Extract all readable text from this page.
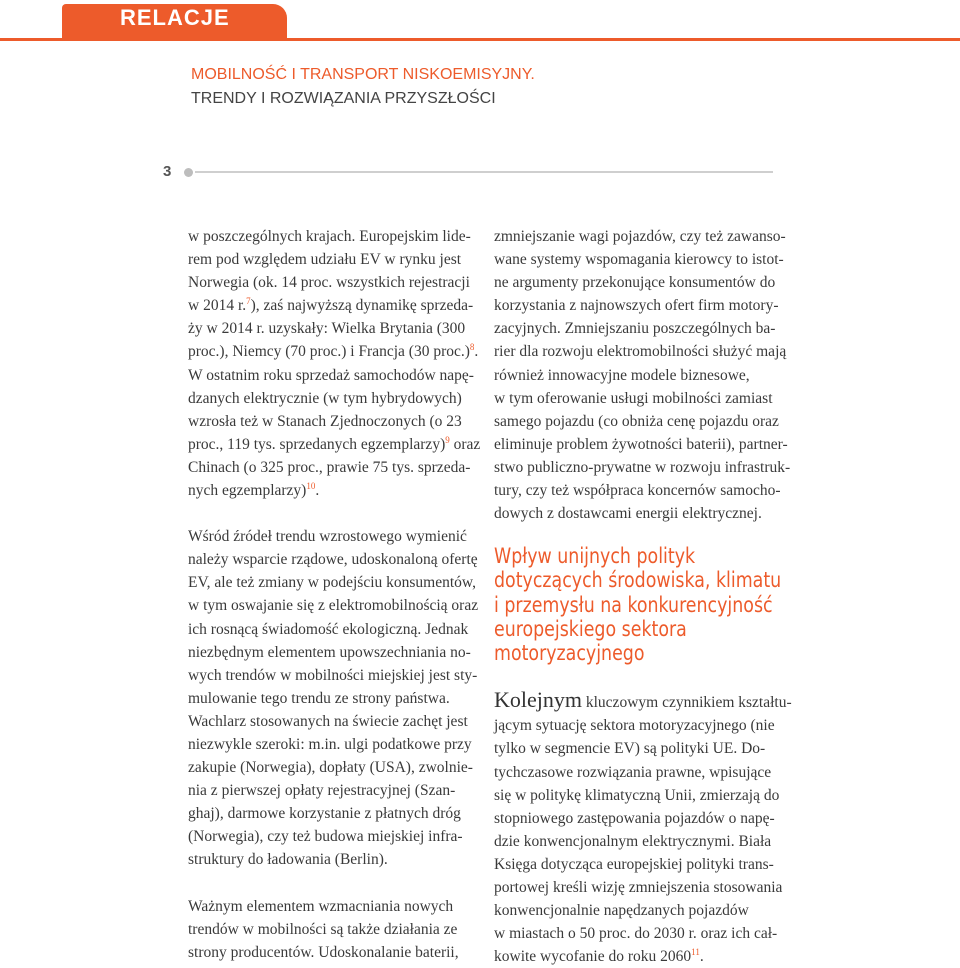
RELACJE
MOBILNOŚĆ I TRANSPORT NISKOEMISYJNY.
TRENDY I ROZWIĄZANIA PRZYSZŁOŚCI
3

w poszczególnych krajach. Europejskim lide-

rem pod względem udziału EV w rynku jest

Norwegia (ok. 14 proc. wszystkich rejestracji

w 2014 r.$^7$), zaś najwyższą dynamikę sprzeda-

ży w 2014 r. uzyskały: Wielka Brytania (300

proc.), Niemcy (70 proc.) i Francja (30 proc.)$^8$.

W ostatnim roku sprzedaż samochodów napę-

dzanych elektrycznie (w tym hybrydowych)

wzrosła też w Stanach Zjednoczonych (o 23

proc., 119 tys. sprzedanych egzemplarzy)$^9$ oraz

Chinach (o 325 proc., prawie 75 tys. sprzeda-

nych egzemplarzy)$^{10}$.

Wśród źródeł trendu wzrostowego wymienić

należy wsparcie rządowe, udoskonaloną ofertę

EV, ale też zmiany w podejściu konsumentów,

w tym oswajanie się z elektromobilnością oraz

ich rosnącą świadomość ekologiczną. Jednak

niezbędnym elementem upowszechniania no-

wych trendów w mobilności miejskiej jest sty-

mulowanie tego trendu ze strony państwa.

Wachlarz stosowanych na świecie zachęt jest

niezwykle szeroki: m.in. ulgi podatkowe przy

zakupie (Norwegia), dopłaty (USA), zwolnie-

nia z pierwszej opłaty rejestracyjnej (Szan-

ghaj), darmowe korzystanie z płatnych dróg

(Norwegia), czy też budowa miejskiej infra-

struktury do ładowania (Berlin).

Ważnym elementem wzmacniania nowych

trendów w mobilności są także działania ze

strony producentów. Udoskonalanie baterii,

zmniejszanie wagi pojazdów, czy też zawanso-

wane systemy wspomagania kierowcy to istot-

ne argumenty przekonujące konsumentów do

korzystania z najnowszych ofert firm motory-

zacyjnych. Zmniejszaniu poszczególnych ba-

rier dla rozwoju elektromobilności służyć mają

również innowacyjne modele biznesowe,

w tym oferowanie usługi mobilności zamiast

samego pojazdu (co obniża cenę pojazdu oraz

eliminuje problem żywotności baterii), partner-

stwo publiczno-prywatne w rozwoju infrastruk-

tury, czy też współpraca koncernów samocho-

dowych z dostawcami energii elektrycznej.

Wpływ unijnych polityk

dotyczących środowiska, klimatu

i przemysłu na konkurencyjność

europejskiego sektora

motoryzacyjnego

Kolejnym kluczowym czynnikiem kształtu-

jącym sytuację sektora motoryzacyjnego (nie

tylko w segmencie EV) są polityki UE. Do-

tychczasowe rozwiązania prawne, wpisujące

się w politykę klimatyczną Unii, zmierzają do

stopniowego zastępowania pojazdów o napę-

dzie konwencjonalnym elektrycznymi. Biała

Księga dotycząca europejskiej polityki trans-

portowej kreśli wizję zmniejszenia stosowania

konwencjonalnie napędzanych pojazdów

w miastach o 50 proc. do 2030 r. oraz ich cał-

kowite wycofanie do roku 2060$^{11}$.
